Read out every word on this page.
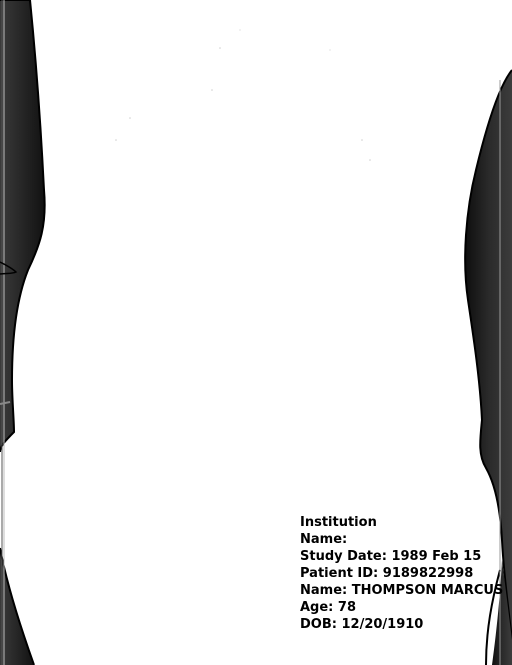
Institution
Name:
Study Date: 1989 Feb 15
Patient ID: 9189822998
Name: THOMPSON MARCUS
Age: 78
DOB: 12/20/1910
